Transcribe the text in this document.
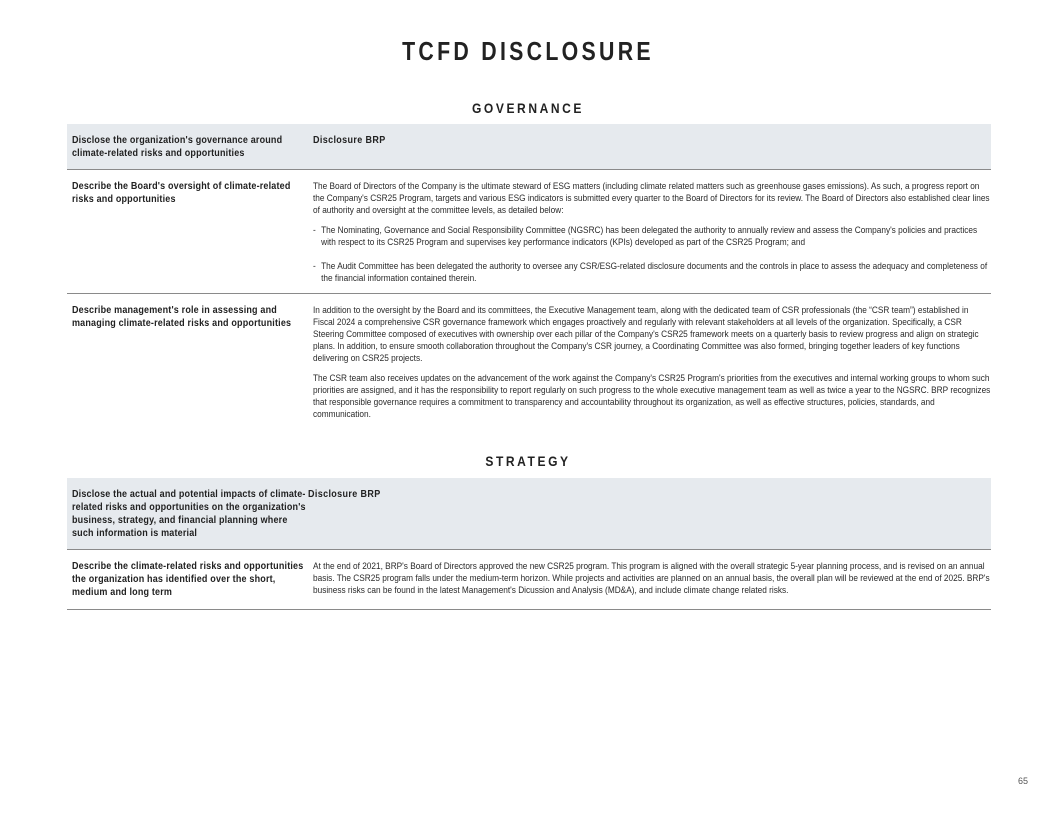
TCFD DISCLOSURE
GOVERNANCE
Disclose the organization's governance around climate-related risks and opportunities
Disclosure BRP
Describe the Board's oversight of climate-related risks and opportunities

The Board of Directors of the Company is the ultimate steward of ESG matters (including climate related matters such as greenhouse gases emissions). As such, a progress report on the Company's CSR25 Program, targets and various ESG indicators is submitted every quarter to the Board of Directors for its review. The Board of Directors also established clear lines of authority and oversight at the committee levels, as detailed below:

- The Nominating, Governance and Social Responsibility Committee (NGSRC) has been delegated the authority to annually review and assess the Company's policies and practices with respect to its CSR25 Program and supervises key performance indicators (KPIs) developed as part of the CSR25 Program; and
- The Audit Committee has been delegated the authority to oversee any CSR/ESG-related disclosure documents and the controls in place to assess the adequacy and completeness of the financial information contained therein.
Describe management's role in assessing and managing climate-related risks and opportunities

In addition to the oversight by the Board and its committees, the Executive Management team, along with the dedicated team of CSR professionals (the “CSR team”) established in Fiscal 2024 a comprehensive CSR governance framework which engages proactively and regularly with relevant stakeholders at all levels of the organization. Specifically, a CSR Steering Committee composed of executives with ownership over each pillar of the Company's CSR25 framework meets on a quarterly basis to review progress and align on strategic plans. In addition, to ensure smooth collaboration throughout the Company's CSR journey, a Coordinating Committee was also formed, bringing together leaders of key functions delivering on CSR25 projects.

The CSR team also receives updates on the advancement of the work against the Company's CSR25 Program's priorities from the executives and internal working groups to whom such priorities are assigned, and it has the responsibility to report regularly on such progress to the whole executive management team as well as twice a year to the NGSRC. BRP recognizes that responsible governance requires a commitment to transparency and accountability throughout its organization, as well as effective structures, policies, standards, and communication.

STRATEGY
Disclose the actual and potential impacts of climate-related risks and opportunities on the organization's business, strategy, and financial planning where such information is material
Disclosure BRP
Describe the climate-related risks and opportunities the organization has identified over the short, medium and long term

At the end of 2021, BRP's Board of Directors approved the new CSR25 program. This program is aligned with the overall strategic 5-year planning process, and is revised on an annual basis. The CSR25 program falls under the medium-term horizon. While projects and activities are planned on an annual basis, the overall plan will be reviewed at the end of 2025. BRP's business risks can be found in the latest Management's Dicussion and Analysis (MD&A), and include climate change related risks.

65
